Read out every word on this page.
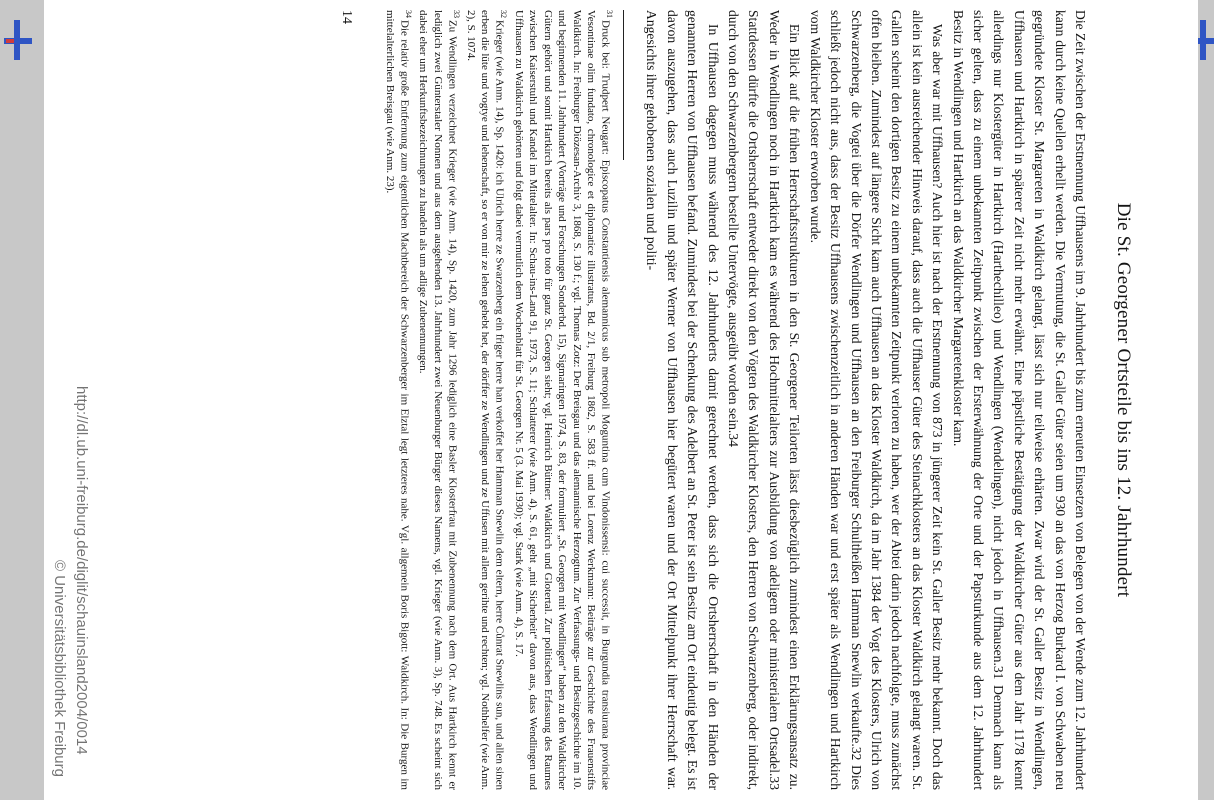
Die St. Georgener Ortsteile bis ins 12. Jahrhundert

Die Zeit zwischen der Erstnennung Uffhausens im 9. Jahrhundert bis zum erneuten Einsetzen von Belegen von der Wende zum 12. Jahrhundert kann durch keine Quellen erhellt werden. Die Vermutung, die St. Galler Güter seien um 930 an das von Herzog Burkard I. von Schwaben neu gegründete Kloster St. Margareten in Waldkirch gelangt, lässt sich nur teilweise erhärten. Zwar wird der St. Galler Besitz in Wendlingen, Uffhausen und Hartkirch in späterer Zeit nicht mehr erwähnt. Eine päpstliche Bestätigung der Waldkircher Güter aus dem Jahr 1178 kennt allerdings nur Klostergüter in Hartkirch (Harthechilleo) und Wendlingen (Wendelingen), nicht jedoch in Uffhausen.31 Demnach kann als sicher gelten, dass zu einem unbekannten Zeitpunkt zwischen der Ersterwähnung der Orte und der Papsturkunde aus dem 12. Jahrhundert Besitz in Wendlingen und Hartkirch an das Waldkircher Margaretenkloster kam.

Was aber war mit Uffhausen? Auch hier ist nach der Erstnennung von 873 in jüngerer Zeit kein St. Galler Besitz mehr bekannt. Doch das allein ist kein ausreichender Hinweis darauf, dass auch die Uffhauser Güter des Steinachklosters an das Kloster Waldkirch gelangt waren. St. Gallen scheint den dortigen Besitz zu einem unbekannten Zeitpunkt verloren zu haben, wer der Abtei darin jedoch nachfolgte, muss zunächst offen bleiben. Zumindest auf längere Sicht kam auch Uffhausen an das Kloster Waldkirch, da im Jahr 1384 der Vogt des Klosters, Ulrich von Schwarzenberg, die Vogtei über die Dörfer Wendlingen und Uffhausen an den Freiburger Schultheißen Hamman Snewlin verkaufte.32 Dies schließt jedoch nicht aus, dass der Besitz Uffhausens zwischenzeitlich in anderen Händen war und erst später als Wendlingen und Hartkirch vom Waldkircher Kloster erworben wurde.

Ein Blick auf die frühen Herrschaftsstrukturen in den St. Georgener Teilorten lässt diesbezüglich zumindest einen Erklärungsansatz zu. Weder in Wendlingen noch in Hartkirch kam es während des Hochmittelalters zur Ausbildung von adeligem oder ministerialem Ortsadel.33 Stattdessen dürfte die Ortsherrschaft entweder direkt von den Vögten des Waldkircher Klosters, den Herren von Schwarzenberg, oder indirekt, durch von den Schwarzenbergern bestellte Untervögte, ausgeübt worden sein.34

In Uffhausen dagegen muss während des 12. Jahrhunderts damit gerechnet werden, dass sich die Ortsherrschaft in den Händen der genannten Herren von Uffhausen befand. Zumindest bei der Schenkung des Adelbert an St. Peter ist sein Besitz am Ort eindeutig belegt. Es ist davon auszugehen, dass auch Luzilin und später Werner von Uffhausen hier begütert waren und der Ort Mittelpunkt ihrer Herrschaft war. Angesichts ihrer gehobenen sozialen und politi-

$^{31}$Druck bei: Trudpert Neugart: Episcopatus Constantiensis alemannicus sub metropoli Moguntina cum Vindonissensi: cui successit, in Burgundia transiurana provinciae Vesontinae olim fundato, chronologice et diplomatice illustratus, Bd. 2/1, Freiburg 1862, S. 583 ff. und bei Lorenz Werkmann: Beiträge zur Geschichte des Frauenstifts Waldkirch. In: Freiburger Diözesan-Archiv 3, 1868, S. 130 f.; vgl. Thomas Zotz: Der Breisgau und das alemannische Herzogtum. Zur Verfassungs- und Besitzgeschichte im 10. und beginnenden 11. Jahrhundert (Vorträge und Forschungen Sonderbd. 15), Sigmaringen 1974, S. 83, der formuliert „St. Georgen mit Wendlingen“ haben zu den Waldkircher Gütern gehört und somit Hartkirch bereits als pars pro toto für ganz St. Georgen sieht; vgl. Heinrich Büttner: Waldkirch und Glotertal. Zur politischen Erfassung des Raumes zwischen Kaiserstuhl und Kandel im Mittelalter. In: Schau-ins-Land 91, 1973, S. 11; Schlatterer (wie Anm. 4), S. 61, geht „mit Sicherheit“ davon aus, dass Wendlingen und Uffhausen zu Waldkirch gehörten und folgt dabei vermutlich dem Wochenblatt für St. Georgen Nr. 5 (3. Mai 1930); vgl. Stark (wie Anm. 4), S. 17.

$^{32}$Krieger (wie Anm. 14), Sp. 1420: ich Ulrich herre ze Swarzenberg ein friger herre han verkoffet her Hamman Snewlin dem eltern, herre Cůnrat Snewlins sun, und allen sinen erben die lüte und vogtye und lehenschaft, so er von mir ze lehen gehebt het, der dörffer ze Wendlingen und ze Uffusen mit allem gerihte und rechten; vgl. Nothhelfer (wie Anm. 2), S. 1074.

$^{33}$Zu Wendlingen verzeichnet Krieger (wie Anm. 14), Sp. 1420, zum Jahr 1296 lediglich eine Basler Klosterfrau mit Zubenennung nach dem Ort. Aus Hartkirch kennt er lediglich zwei Günterstaler Nonnen und aus dem ausgehenden 13. Jahrhundert zwei Neuenburger Bürger dieses Namens, vgl. Krieger (wie Anm. 3), Sp. 748. Es scheint sich dabei eher um Herkunftsbezeichnungen zu handeln als um adlige Zubenennungen.

$^{34}$Die relativ große Entfernung zum eigentlichen Machtbereich der Schwarzenberger im Elztal legt letzteres nahe. Vgl. allgemein Boris Bigott: Waldkirch. In: Die Burgen im mittelalterlichen Breisgau (wie Anm. 23).

14
http://dl.ub.uni-freiburg.de/diglit/schauinsland2004/0014
© Universitätsbibliothek Freiburg
